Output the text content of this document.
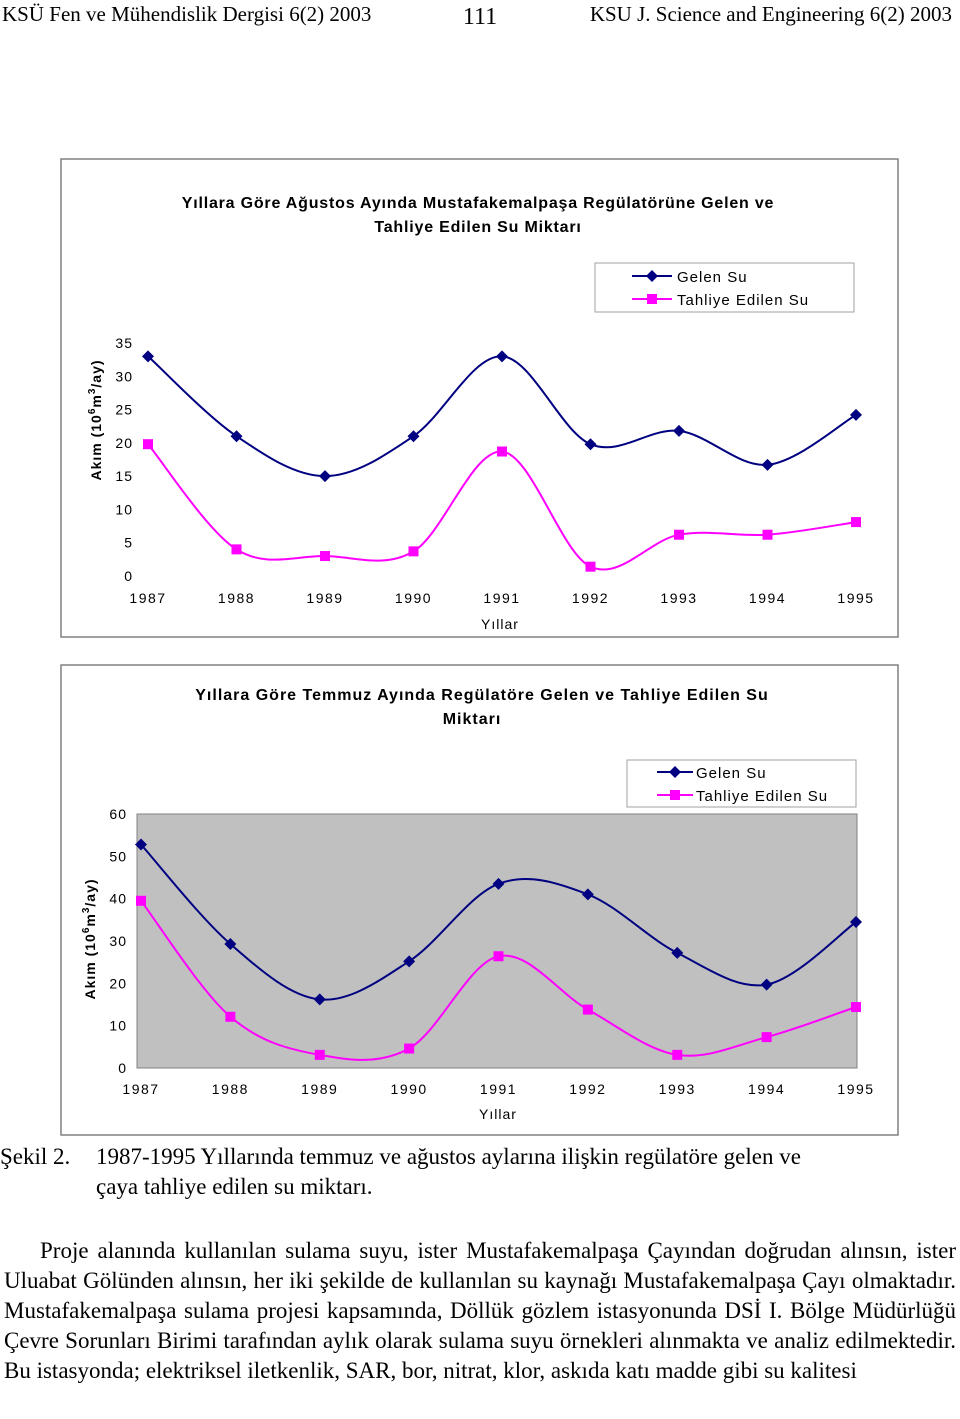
KSÜ Fen ve Mühendislik Dergisi 6(2) 2003	111	KSU J. Science and Engineering 6(2) 2003
Yıllara Göre Ağustos Ayında Mustafakemalpaşa Regülatörüne Gelen ve
Tahliye Edilen Su Miktarı
Gelen Su
Tahliye Edilen Su
Akım $(10^6m^3/ay)$
Yıllar
0
5
10
15
20
25
30
35
1987	1988	1989	1990	1991	1992	1993	1994	1995
Yıllara Göre Temmuz Ayında Regülatöre Gelen ve Tahliye Edilen Su
Miktarı
Gelen Su
Tahliye Edilen Su
Akım $(10^6m^3/ay)$
Yıllar
0
10
20
30
40
50
60
1987	1988	1989	1990	1991	1992	1993	1994	1995
Şekil 2. 1987-1995 Yıllarında temmuz ve ağustos aylarına ilişkin regülatöre gelen ve
çaya tahliye edilen su miktarı.
Proje alanında kullanılan sulama suyu, ister Mustafakemalpaşa Çayından doğrudan alınsın, ister Uluabat Gölünden alınsın, her iki şekilde de kullanılan su kaynağı Mustafakemalpaşa Çayı olmaktadır. Mustafakemalpaşa sulama projesi kapsamında, Döllük gözlem istasyonunda DSİ I. Bölge Müdürlüğü Çevre Sorunları Birimi tarafından aylık olarak sulama suyu örnekleri alınmakta ve analiz edilmektedir. Bu istasyonda; elektriksel iletkenlik, SAR, bor, nitrat, klor, askıda katı madde gibi su kalitesi
